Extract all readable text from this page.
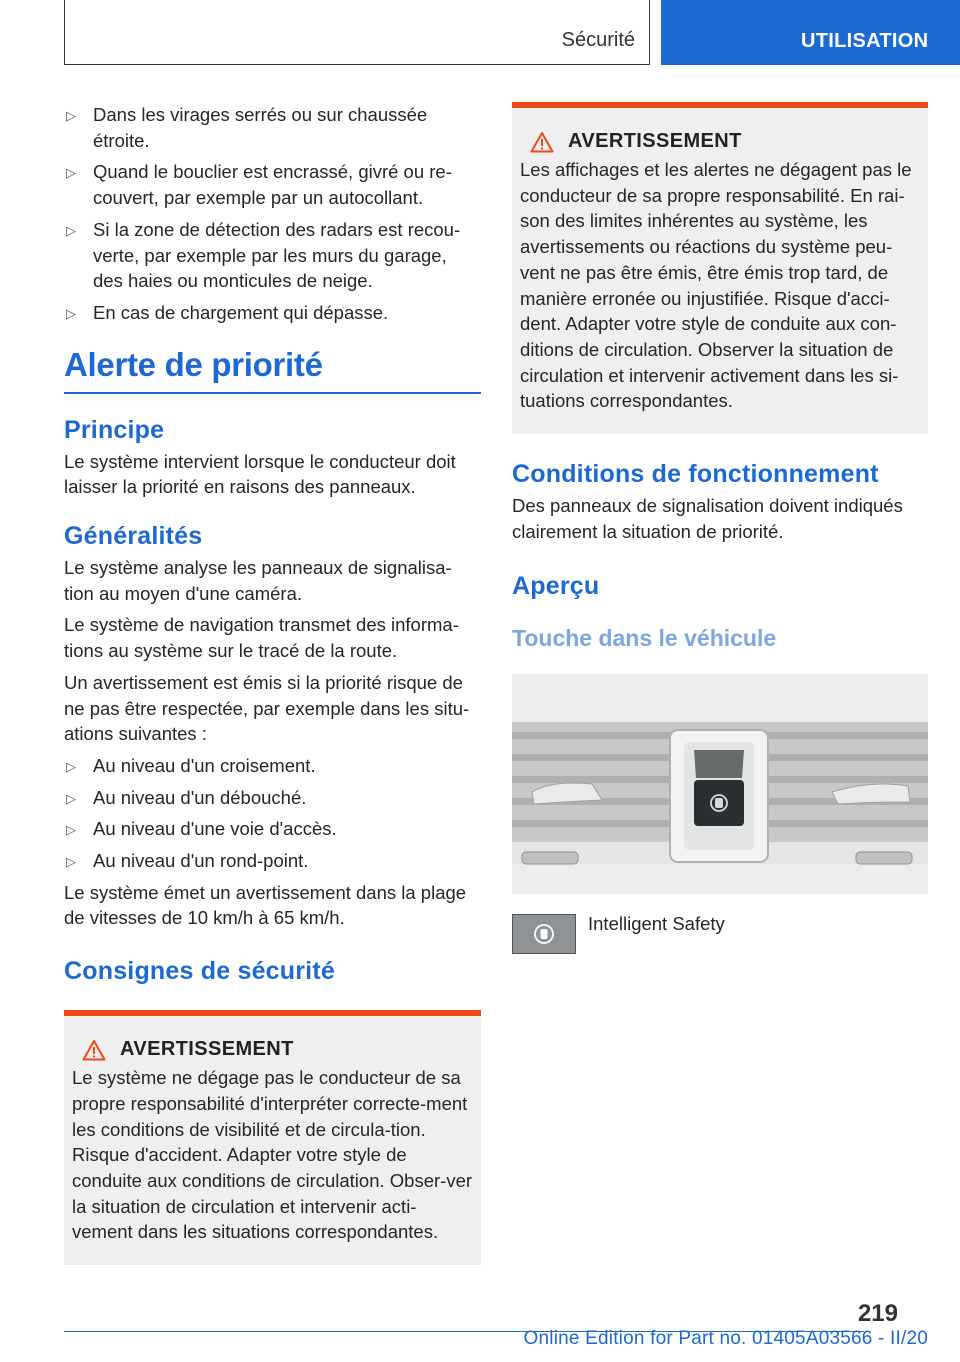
Sécurité	UTILISATION
▷ Dans les virages serrés ou sur chaussée étroite.
▷ Quand le bouclier est encrassé, givré ou re-couvert, par exemple par un autocollant.
▷ Si la zone de détection des radars est recou-verte, par exemple par les murs du garage, des haies ou monticules de neige.
▷ En cas de chargement qui dépasse.
Alerte de priorité
Principe

Le système intervient lorsque le conducteur doit laisser la priorité en raisons des panneaux.

Généralités

Le système analyse les panneaux de signalisa-tion au moyen d'une caméra.

Le système de navigation transmet des informa-tions au système sur le tracé de la route.

Un avertissement est émis si la priorité risque de ne pas être respectée, par exemple dans les situ-ations suivantes :

▷ Au niveau d'un croisement.
▷ Au niveau d'un débouché.
▷ Au niveau d'une voie d'accès.
▷ Au niveau d'un rond-point.

Le système émet un avertissement dans la plage de vitesses de 10 km/h à 65 km/h.

Consignes de sécurité
AVERTISSEMENT

Le système ne dégage pas le conducteur de sa propre responsabilité d'interpréter correcte-ment les conditions de visibilité et de circula-tion. Risque d'accident. Adapter votre style de conduite aux conditions de circulation. Obser-ver la situation de circulation et intervenir acti-vement dans les situations correspondantes.

AVERTISSEMENT

Les affichages et les alertes ne dégagent pas le conducteur de sa propre responsabilité. En rai-son des limites inhérentes au système, les avertissements ou réactions du système peu-vent ne pas être émis, être émis trop tard, de manière erronée ou injustifiée. Risque d'acci-dent. Adapter votre style de conduite aux con-ditions de circulation. Observer la situation de circulation et intervenir activement dans les si-tuations correspondantes.

Conditions de fonctionnement

Des panneaux de signalisation doivent indiqués clairement la situation de priorité.

Aperçu
Touche dans le véhicule
Intelligent Safety
219
Online Edition for Part no. 01405A03566 - II/20
